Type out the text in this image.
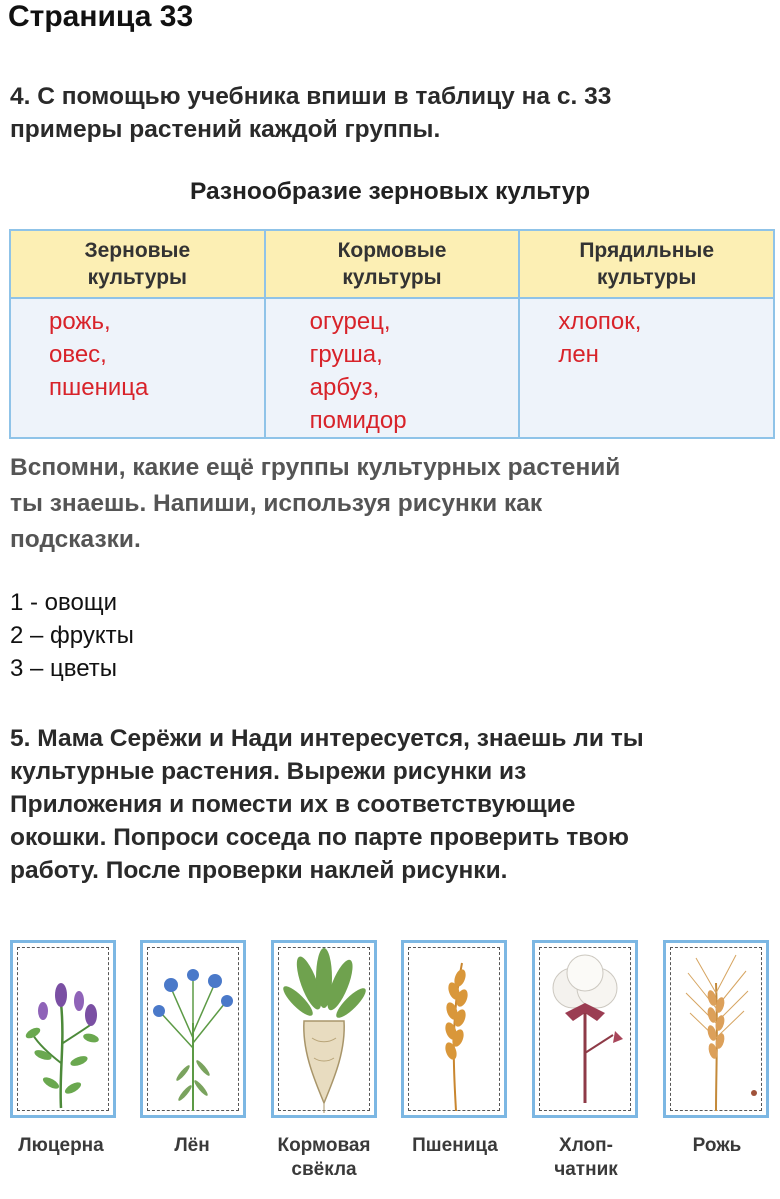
Страница 33
4. С помощью учебника впиши в таблицу на с. 33
примеры растений каждой группы.
Разнообразие зерновых культур
Зерновые
культуры	Кормовые
культуры	Прядильные
культуры

рожь,
овес,
пшеница	огурец,
груша,
арбуз,
помидор	хлопок,
лен
Вспомни, какие ещё группы культурных растений
ты знаешь. Напиши, используя рисунки как
подсказки.
1 - овощи
2 – фрукты
3 – цветы
5. Мама Серёжи и Нади интересуется, знаешь ли ты
культурные растения. Вырежи рисунки из
Приложения и помести их в соответствующие
окошки. Попроси соседа по парте проверить твою
работу. После проверки наклей рисунки.
Люцерна	Лён	Кормовая
свёкла
Пшеница	Хлоп-
чатник
Рожь
